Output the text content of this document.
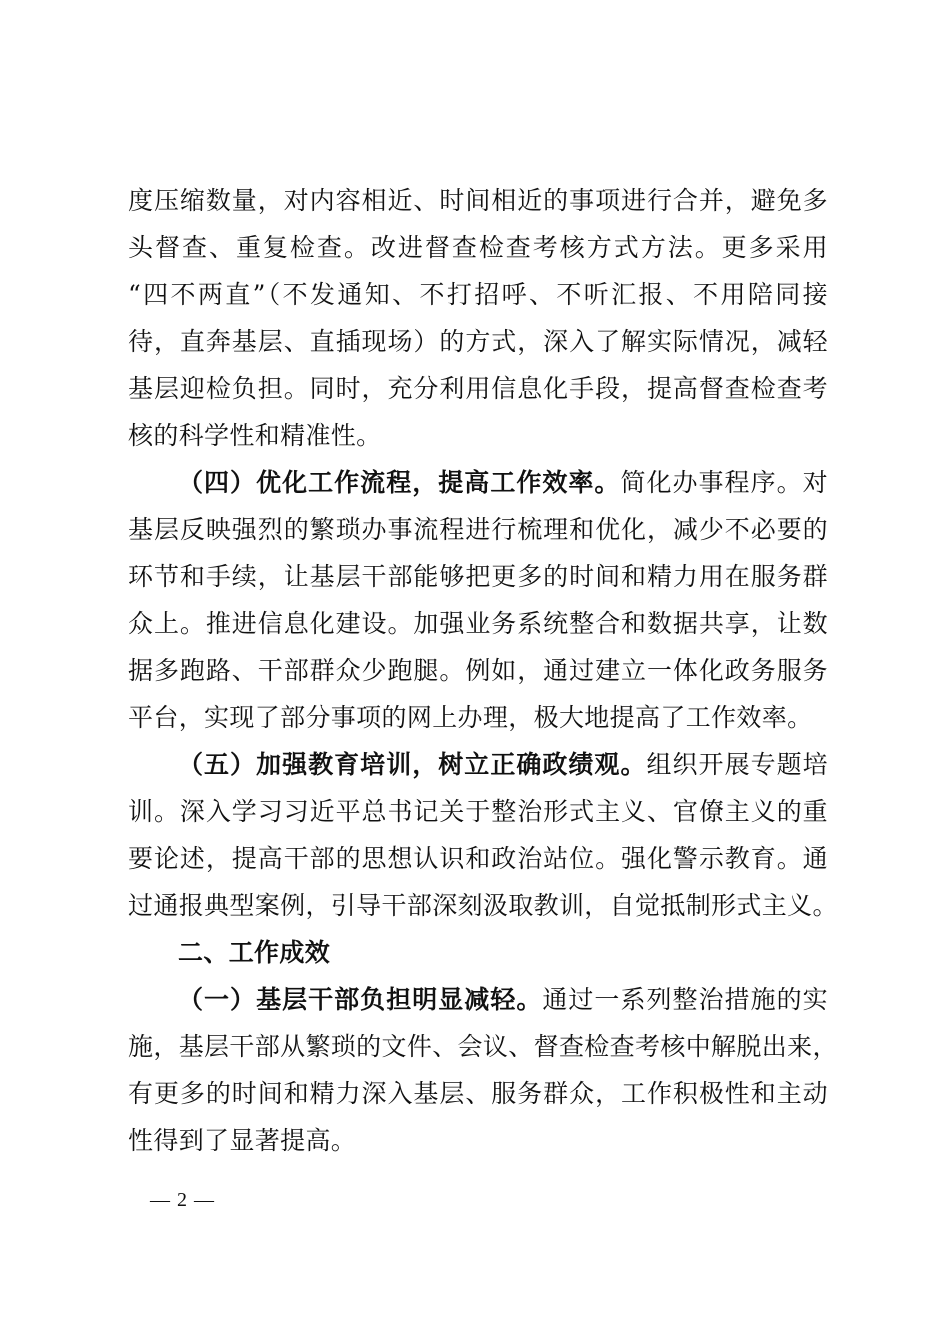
度压缩数量，对内容相近、时间相近的事项进行合并，避免多
头督查、重复检查。改进督查检查考核方式方法。更多采用
“四不两直”（不发通知、不打招呼、不听汇报、不用陪同接
待，直奔基层、直插现场）的方式，深入了解实际情况，减轻
基层迎检负担。同时，充分利用信息化手段，提高督查检查考
核的科学性和精准性。
（四）优化工作流程，提高工作效率。简化办事程序。对
基层反映强烈的繁琐办事流程进行梳理和优化，减少不必要的
环节和手续，让基层干部能够把更多的时间和精力用在服务群
众上。推进信息化建设。加强业务系统整合和数据共享，让数
据多跑路、干部群众少跑腿。例如，通过建立一体化政务服务
平台，实现了部分事项的网上办理，极大地提高了工作效率。
（五）加强教育培训，树立正确政绩观。组织开展专题培
训。深入学习习近平总书记关于整治形式主义、官僚主义的重
要论述，提高干部的思想认识和政治站位。强化警示教育。通
过通报典型案例，引导干部深刻汲取教训，自觉抵制形式主义。
二、工作成效
（一）基层干部负担明显减轻。通过一系列整治措施的实
施，基层干部从繁琐的文件、会议、督查检查考核中解脱出来，
有更多的时间和精力深入基层、服务群众，工作积极性和主动
性得到了显著提高。
— 2 —
